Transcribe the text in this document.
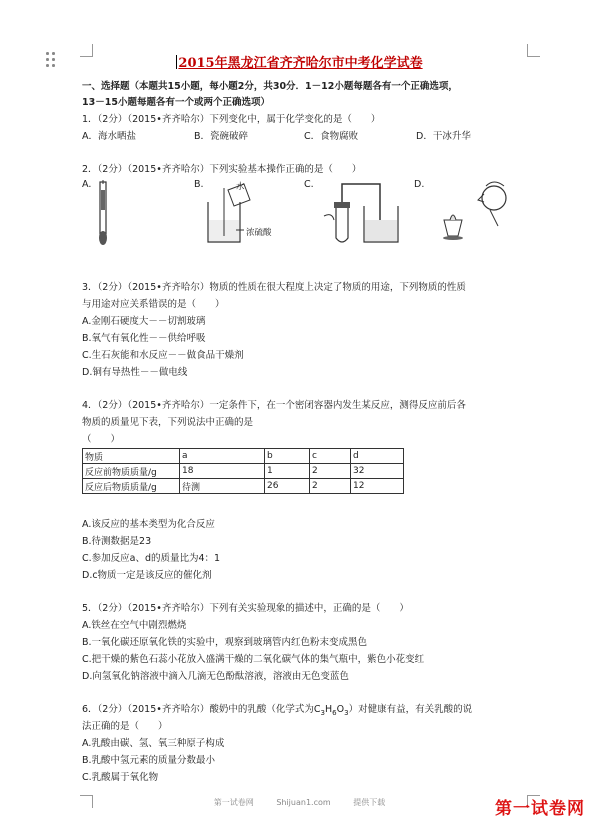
2015年黑龙江省齐齐哈尔市中考化学试卷
一、选择题（本题共15小题，每小题2分，共30分．1－12小题每题各有一个正确选项，
13－15小题每题各有一个或两个正确选项）
1．（2分）（2015•齐齐哈尔）下列变化中，属于化学变化的是（　　）
A．海水晒盐	B．瓷碗破碎	C．食物腐败	D．干冰升华
2．（2分）（2015•齐齐哈尔）下列实验基本操作正确的是（　　）
A.	B.	C.	D.
水
浓硫酸
3．（2分）（2015•齐齐哈尔）物质的性质在很大程度上决定了物质的用途，下列物质的性质
与用途对应关系错误的是（　　）
A.金刚石硬度大－－切割玻璃
B.氧气有氧化性－－供给呼吸
C.生石灰能和水反应－－做食品干燥剂
D.铜有导热性－－做电线
4．（2分）（2015•齐齐哈尔）一定条件下，在一个密闭容器内发生某反应，测得反应前后各
物质的质量见下表，下列说法中正确的是
（　　）
物质	a	b	c	d
反应前物质质量/g	18	1	2	32
反应后物质质量/g	待测	26	2	12
A.该反应的基本类型为化合反应
B.待测数据是23
C.参加反应a、d的质量比为4：1
D.c物质一定是该反应的催化剂
5．（2分）（2015•齐齐哈尔）下列有关实验现象的描述中，正确的是（　　）
A.铁丝在空气中剧烈燃烧
B.一氧化碳还原氧化铁的实验中，观察到玻璃管内红色粉末变成黑色
C.把干燥的紫色石蕊小花放入盛满干燥的二氧化碳气体的集气瓶中，紫色小花变红
D.向氢氧化钠溶液中滴入几滴无色酚酞溶液，溶液由无色变蓝色
6．（2分）（2015•齐齐哈尔）酸奶中的乳酸（化学式为$C_3H_6O_3$）对健康有益，有关乳酸的说
法正确的是（　　）
A.乳酸由碳、氢、氧三种原子构成
B.乳酸中氢元素的质量分数最小
C.乳酸属于氧化物
第一试卷网	Shijuan1.com	提供下载	第一试卷网
